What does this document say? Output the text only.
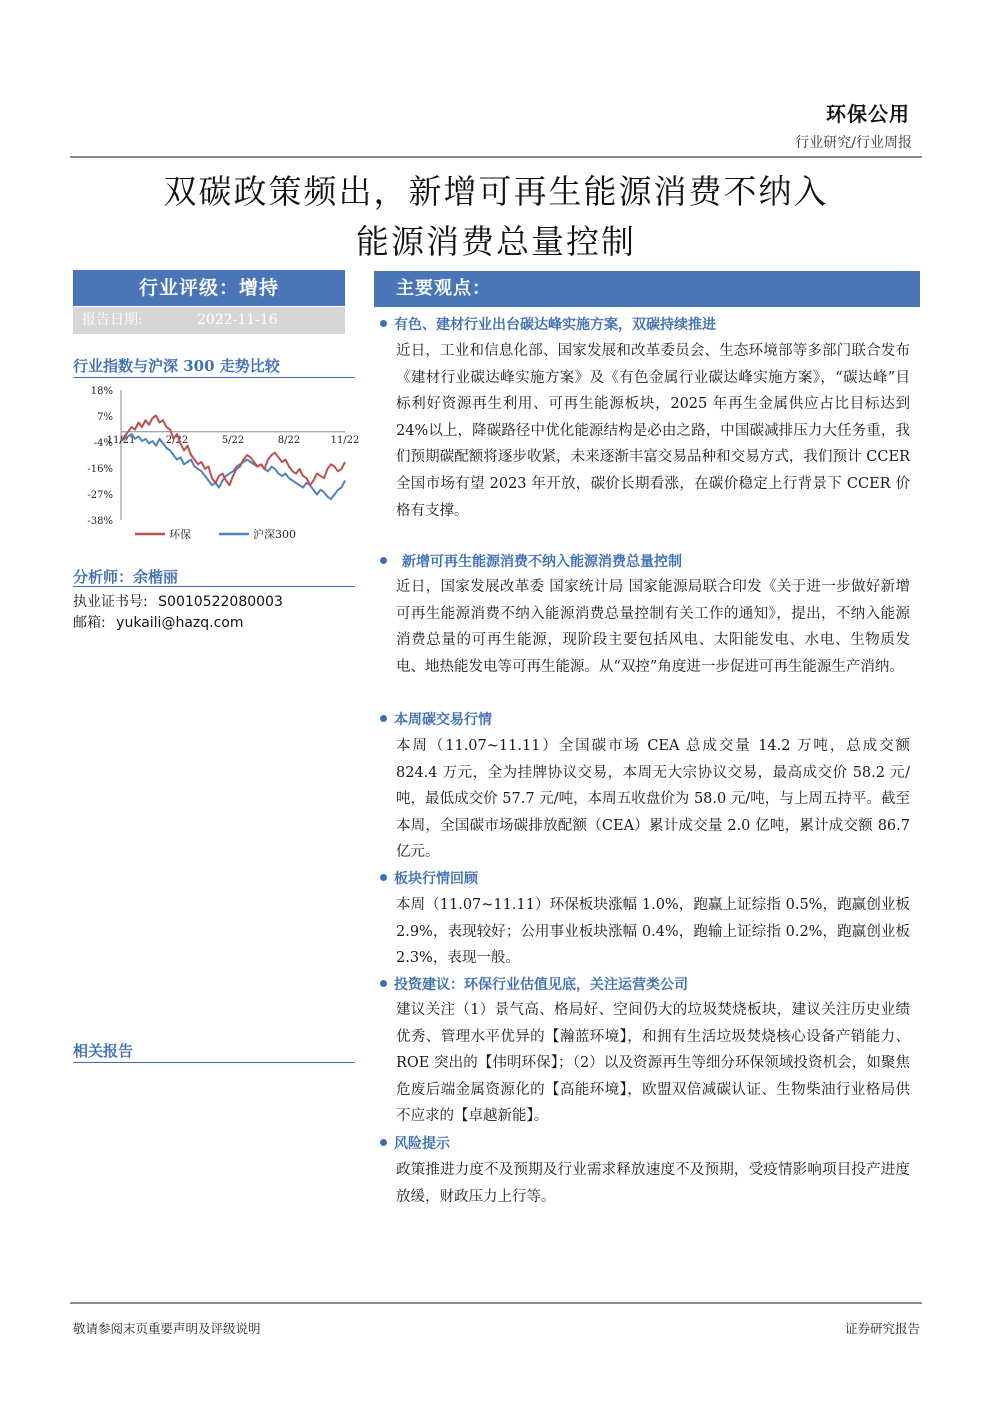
环保公用
行业研究/行业周报
双碳政策频出，新增可再生能源消费不纳入
能源消费总量控制
行业评级：增持
报告日期:	2022-11-16
行业指数与沪深 300 走势比较
18%
7%
-4%
-16%
-27%
-38%
11/21	2/22	5/22	8/22	11/22
环保	沪深300
分析师：余楷丽
执业证书号: S0010522080003
邮箱: yukaili@hazq.com
相关报告
主要观点：
有色、建材行业出台碳达峰实施方案，双碳持续推进
近日，工业和信息化部、国家发展和改革委员会、生态环境部等多部门联合发布《建材行业碳达峰实施方案》及《有色金属行业碳达峰实施方案》，“碳达峰”目标利好资源再生利用、可再生能源板块，2025 年再生金属供应占比目标达到 24%以上，降碳路径中优化能源结构是必由之路，中国碳减排压力大任务重，我们预期碳配额将逐步收紧，未来逐渐丰富交易品种和交易方式，我们预计 CCER 全国市场有望 2023 年开放，碳价长期看涨，在碳价稳定上行背景下 CCER 价格有支撑。
新增可再生能源消费不纳入能源消费总量控制
近日，国家发展改革委 国家统计局 国家能源局联合印发《关于进一步做好新增可再生能源消费不纳入能源消费总量控制有关工作的通知》，提出，不纳入能源消费总量的可再生能源，现阶段主要包括风电、太阳能发电、水电、生物质发电、地热能发电等可再生能源。从“双控”角度进一步促进可再生能源生产消纳。
本周碳交易行情
本周（11.07~11.11）全国碳市场 CEA 总成交量 14.2 万吨，总成交额 824.4 万元，全为挂牌协议交易，本周无大宗协议交易，最高成交价 58.2 元/吨，最低成交价 57.7 元/吨，本周五收盘价为 58.0 元/吨，与上周五持平。截至本周，全国碳市场碳排放配额（CEA）累计成交量 2.0 亿吨，累计成交额 86.7 亿元。
板块行情回顾
本周（11.07~11.11）环保板块涨幅 1.0%，跑赢上证综指 0.5%，跑赢创业板 2.9%，表现较好；公用事业板块涨幅 0.4%，跑输上证综指 0.2%，跑赢创业板 2.3%，表现一般。
投资建议：环保行业估值见底，关注运营类公司
建议关注（1）景气高、格局好、空间仍大的垃圾焚烧板块，建议关注历史业绩优秀、管理水平优异的【瀚蓝环境】，和拥有生活垃圾焚烧核心设备产销能力、ROE 突出的【伟明环保】；（2）以及资源再生等细分环保领域投资机会，如聚焦危废后端金属资源化的【高能环境】，欧盟双倍减碳认证、生物柴油行业格局供不应求的【卓越新能】。
风险提示
政策推进力度不及预期及行业需求释放速度不及预期，受疫情影响项目投产进度放缓，财政压力上行等。
敬请参阅末页重要声明及评级说明	证券研究报告
